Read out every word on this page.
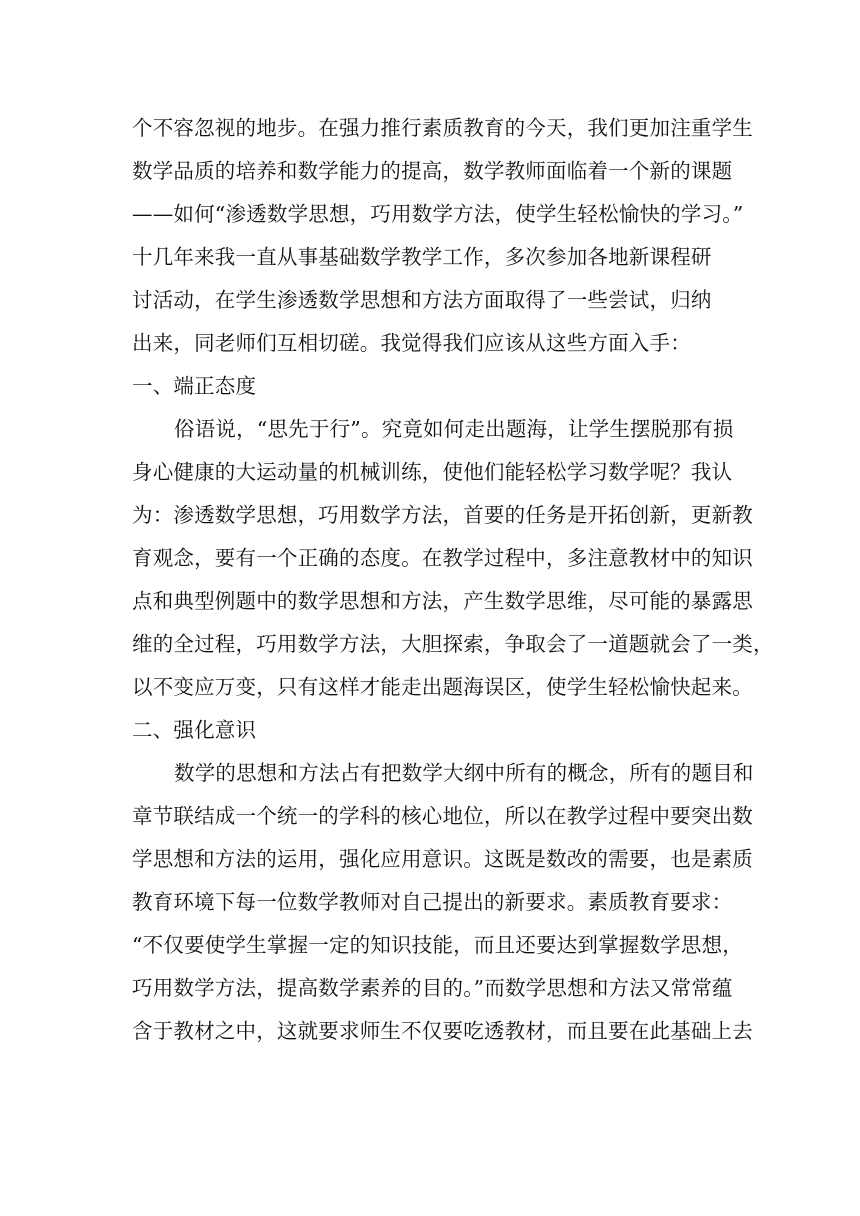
个不容忽视的地步。在强力推行素质教育的今天，我们更加注重学生
数学品质的培养和数学能力的提高，数学教师面临着一个新的课题
——如何“渗透数学思想，巧用数学方法，使学生轻松愉快的学习。”
十几年来我一直从事基础数学教学工作，多次参加各地新课程研
讨活动，在学生渗透数学思想和方法方面取得了一些尝试，归纳
出来，同老师们互相切磋。我觉得我们应该从这些方面入手：
一、端正态度
俗语说，“思先于行”。究竟如何走出题海，让学生摆脱那有损
身心健康的大运动量的机械训练，使他们能轻松学习数学呢？我认
为：渗透数学思想，巧用数学方法，首要的任务是开拓创新，更新教
育观念，要有一个正确的态度。在教学过程中，多注意教材中的知识
点和典型例题中的数学思想和方法，产生数学思维，尽可能的暴露思
维的全过程，巧用数学方法，大胆探索，争取会了一道题就会了一类，
以不变应万变，只有这样才能走出题海误区，使学生轻松愉快起来。
二、强化意识
数学的思想和方法占有把数学大纲中所有的概念，所有的题目和
章节联结成一个统一的学科的核心地位，所以在教学过程中要突出数
学思想和方法的运用，强化应用意识。这既是数改的需要，也是素质
教育环境下每一位数学教师对自己提出的新要求。素质教育要求：
“不仅要使学生掌握一定的知识技能，而且还要达到掌握数学思想，
巧用数学方法，提高数学素养的目的。”而数学思想和方法又常常蕴
含于教材之中，这就要求师生不仅要吃透教材，而且要在此基础上去
